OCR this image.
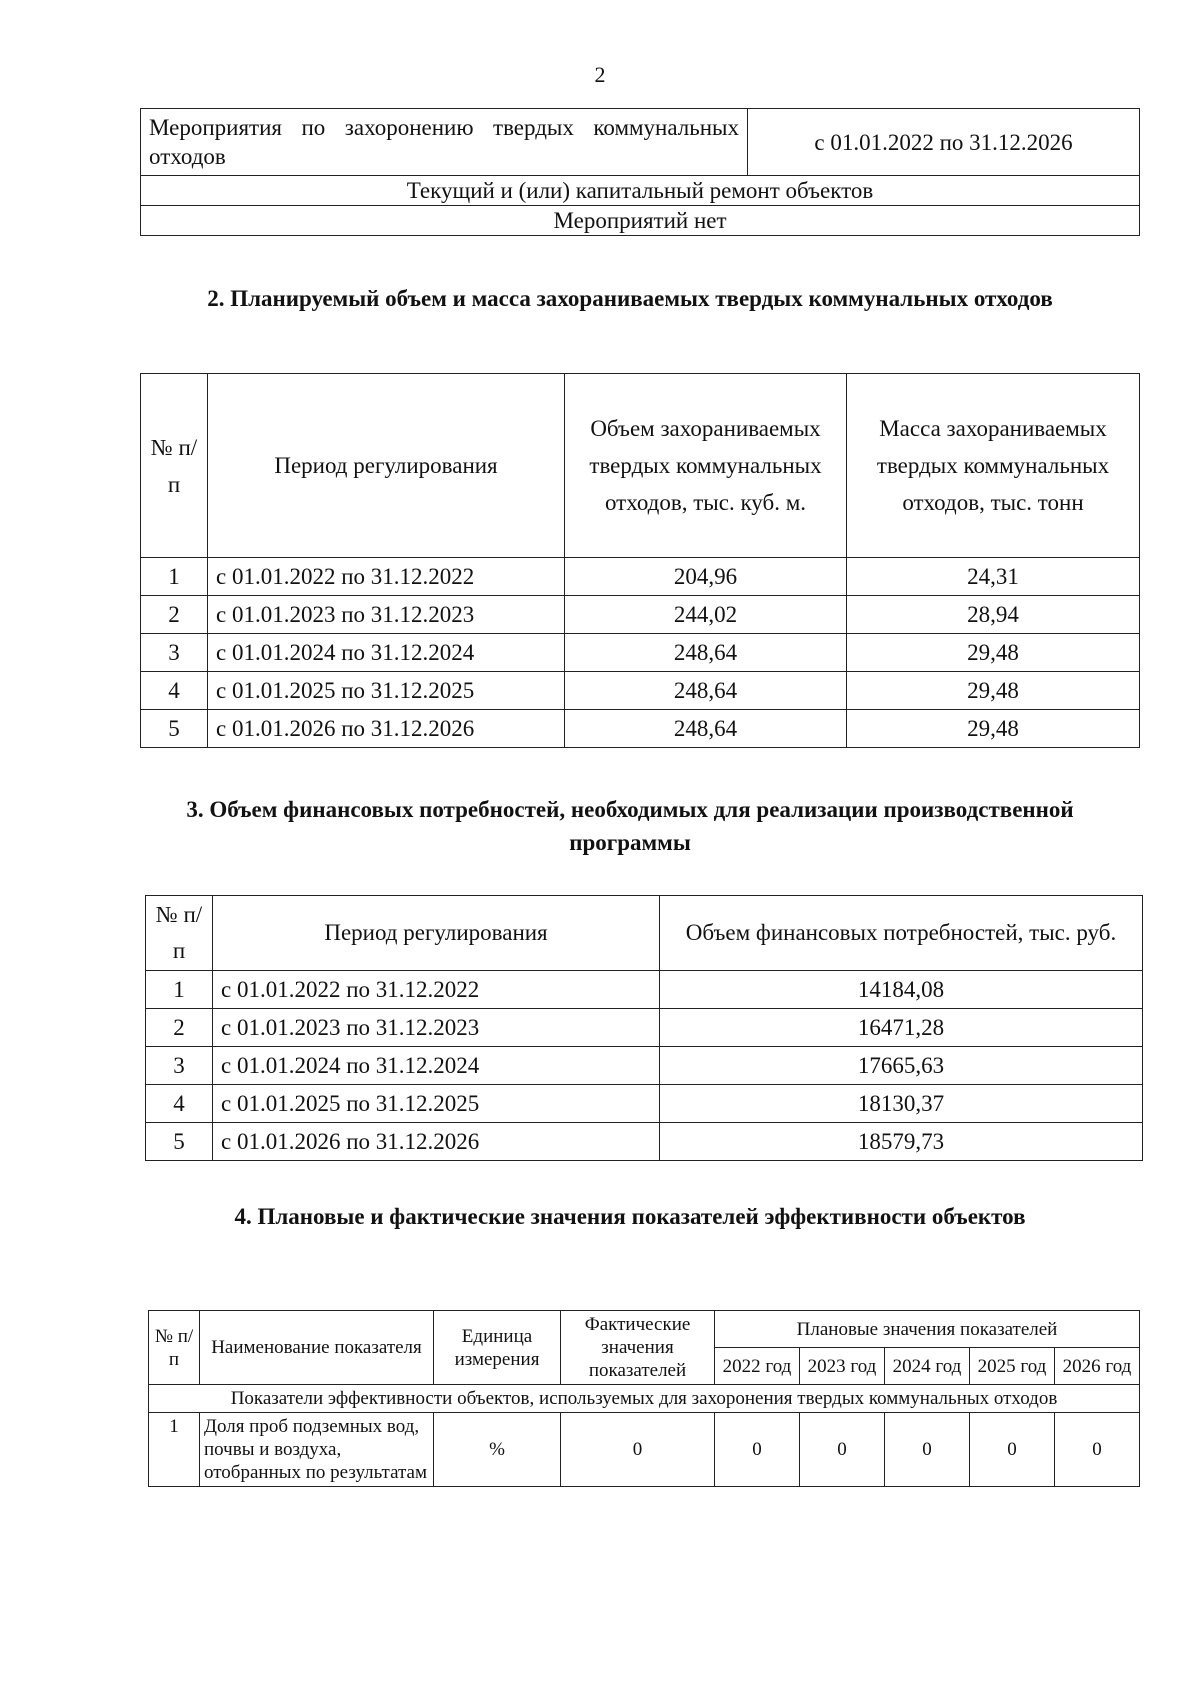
2
Мероприятия по захоронению твердых коммунальных отходов	с 01.01.2022 по 31.12.2026
Текущий и (или) капитальный ремонт объектов
Мероприятий нет
2. Планируемый объем и масса захораниваемых твердых коммунальных отходов
№ п/п	Период регулирования	Объем захораниваемых твердых коммунальных отходов, тыс. куб. м.	Масса захораниваемых твердых коммунальных отходов, тыс. тонн
1	с 01.01.2022 по 31.12.2022	204,96	24,31
2	с 01.01.2023 по 31.12.2023	244,02	28,94
3	с 01.01.2024 по 31.12.2024	248,64	29,48
4	с 01.01.2025 по 31.12.2025	248,64	29,48
5	с 01.01.2026 по 31.12.2026	248,64	29,48
3. Объем финансовых потребностей, необходимых для реализации производственной программы
№ п/п	Период регулирования	Объем финансовых потребностей, тыс. руб.
1	с 01.01.2022 по 31.12.2022	14184,08
2	с 01.01.2023 по 31.12.2023	16471,28
3	с 01.01.2024 по 31.12.2024	17665,63
4	с 01.01.2025 по 31.12.2025	18130,37
5	с 01.01.2026 по 31.12.2026	18579,73
4. Плановые и фактические значения показателей эффективности объектов
№ п/п	Наименование показателя	Единица измерения	Фактические значения показателей	Плановые значения показателей				
				2022 год	2023 год	2024 год	2025 год	2026 год
Показатели эффективности объектов, используемых для захоронения твердых коммунальных отходов								
1	Доля проб подземных вод, почвы и воздуха, отобранных по результатам	%	0	0	0	0	0	0
